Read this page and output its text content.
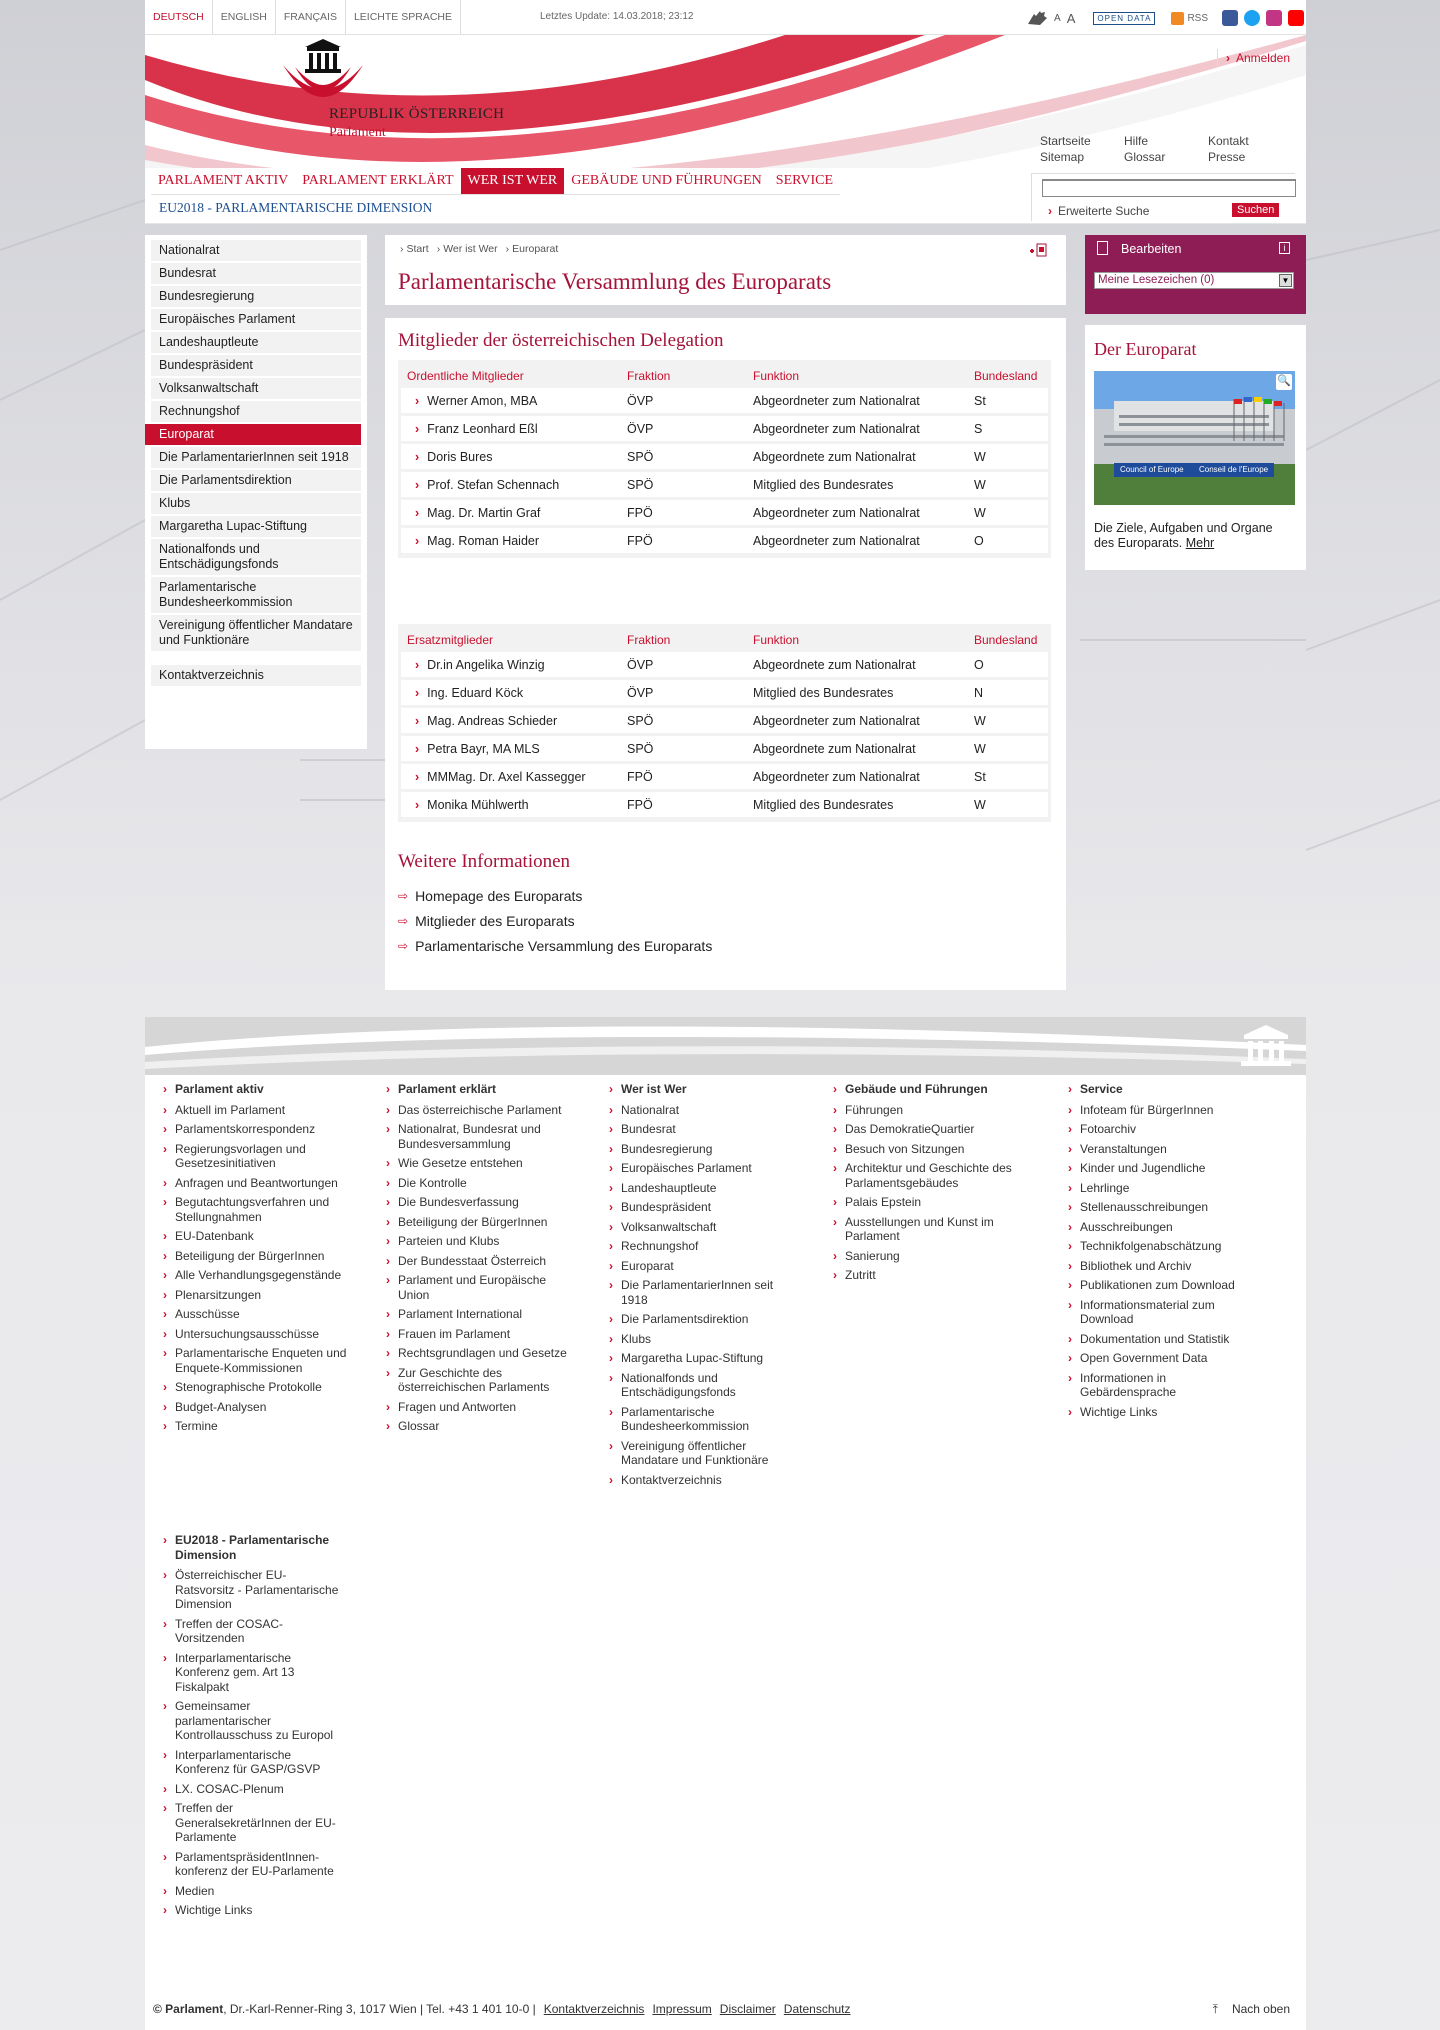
DEUTSCH	ENGLISH	FRANÇAIS	LEICHTE SPRACHE	Letztes Update: 14.03.2018; 23:12	A A	OPEN DATA	RSS
REPUBLIK ÖSTERREICH
Parlament
› Anmelden
Startseite	Hilfe	Kontakt
Sitemap	Glossar	Presse
PARLAMENT AKTIV	PARLAMENT ERKLÄRT	WER IST WER	GEBÄUDE UND FÜHRUNGEN	SERVICE
EU2018 - PARLAMENTARISCHE DIMENSION	› Erweiterte Suche	Suchen
Nationalrat
Bundesrat
Bundesregierung
Europäisches Parlament
Landeshauptleute
Bundespräsident
Volksanwaltschaft
Rechnungshof
Europarat
Die ParlamentarierInnen seit 1918
Die Parlamentsdirektion
Klubs
Margaretha Lupac-Stiftung
Nationalfonds und Entschädigungsfonds
Parlamentarische Bundesheerkommission
Vereinigung öffentlicher Mandatare und Funktionäre
Kontaktverzeichnis
› Start	› Wer ist Wer	› Europarat
Parlamentarische Versammlung des Europarats
Mitglieder der österreichischen Delegation
Ordentliche Mitglieder	Fraktion	Funktion	Bundesland
› Werner Amon, MBA	ÖVP	Abgeordneter zum Nationalrat	St
› Franz Leonhard Eßl	ÖVP	Abgeordneter zum Nationalrat	S
› Doris Bures	SPÖ	Abgeordnete zum Nationalrat	W
› Prof. Stefan Schennach	SPÖ	Mitglied des Bundesrates	W
› Mag. Dr. Martin Graf	FPÖ	Abgeordneter zum Nationalrat	W
› Mag. Roman Haider	FPÖ	Abgeordneter zum Nationalrat	O
Ersatzmitglieder	Fraktion	Funktion	Bundesland
› Dr.in Angelika Winzig	ÖVP	Abgeordnete zum Nationalrat	O
› Ing. Eduard Köck	ÖVP	Mitglied des Bundesrates	N
› Mag. Andreas Schieder	SPÖ	Abgeordneter zum Nationalrat	W
› Petra Bayr, MA MLS	SPÖ	Abgeordnete zum Nationalrat	W
› MMMag. Dr. Axel Kassegger	FPÖ	Abgeordneter zum Nationalrat	St
› Monika Mühlwerth	FPÖ	Mitglied des Bundesrates	W
Weitere Informationen
⇨ Homepage des Europarats
⇨ Mitglieder des Europarats
⇨ Parlamentarische Versammlung des Europarats
Bearbeiten	i
Meine Lesezeichen (0)	▼
Der Europarat
Council of Europe Conseil de l'Europe
🔍
Die Ziele, Aufgaben und Organe des Europarats. Mehr
› Parlament aktiv
› Aktuell im Parlament
› Parlamentskorrespondenz
› Regierungsvorlagen und Gesetzesinitiativen
› Anfragen und Beantwortungen
› Begutachtungsverfahren und Stellungnahmen
› EU-Datenbank
› Beteiligung der BürgerInnen
› Alle Verhandlungsgegenstände
› Plenarsitzungen
› Ausschüsse
› Untersuchungsausschüsse
› Parlamentarische Enqueten und Enquete-Kommissionen
› Stenographische Protokolle
› Budget-Analysen
› Termine
› Parlament erklärt
› Das österreichische Parlament
› Nationalrat, Bundesrat und Bundesversammlung
› Wie Gesetze entstehen
› Die Kontrolle
› Die Bundesverfassung
› Beteiligung der BürgerInnen
› Parteien und Klubs
› Der Bundesstaat Österreich
› Parlament und Europäische Union
› Parlament International
› Frauen im Parlament
› Rechtsgrundlagen und Gesetze
› Zur Geschichte des österreichischen Parlaments
› Fragen und Antworten
› Glossar
› Wer ist Wer
› Nationalrat
› Bundesrat
› Bundesregierung
› Europäisches Parlament
› Landeshauptleute
› Bundespräsident
› Volksanwaltschaft
› Rechnungshof
› Europarat
› Die ParlamentarierInnen seit 1918
› Die Parlamentsdirektion
› Klubs
› Margaretha Lupac-Stiftung
› Nationalfonds und Entschädigungsfonds
› Parlamentarische Bundesheerkommission
› Vereinigung öffentlicher Mandatare und Funktionäre
› Kontaktverzeichnis
› Gebäude und Führungen
› Führungen
› Das DemokratieQuartier
› Besuch von Sitzungen
› Architektur und Geschichte des Parlamentsgebäudes
› Palais Epstein
› Ausstellungen und Kunst im Parlament
› Sanierung
› Zutritt
› Service
› Infoteam für BürgerInnen
› Fotoarchiv
› Veranstaltungen
› Kinder und Jugendliche
› Lehrlinge
› Stellenausschreibungen
› Ausschreibungen
› Technikfolgenabschätzung
› Bibliothek und Archiv
› Publikationen zum Download
› Informationsmaterial zum Download
› Dokumentation und Statistik
› Open Government Data
› Informationen in Gebärdensprache
› Wichtige Links
› EU2018 - Parlamentarische Dimension
› Österreichischer EU-Ratsvorsitz - Parlamentarische Dimension
› Treffen der COSAC-Vorsitzenden
› Interparlamentarische Konferenz gem. Art 13 Fiskalpakt
› Gemeinsamer parlamentarischer Kontrollausschuss zu Europol
› Interparlamentarische Konferenz für GASP/GSVP
› LX. COSAC-Plenum
› Treffen der GeneralsekretärInnen der EU-Parlamente
› ParlamentspräsidentInnen-konferenz der EU-Parlamente
› Medien
› Wichtige Links
© Parlament, Dr.-Karl-Renner-Ring 3, 1017 Wien | Tel. +43 1 401 10-0 | Kontaktverzeichnis Impressum Disclaimer Datenschutz	⤒ Nach oben
